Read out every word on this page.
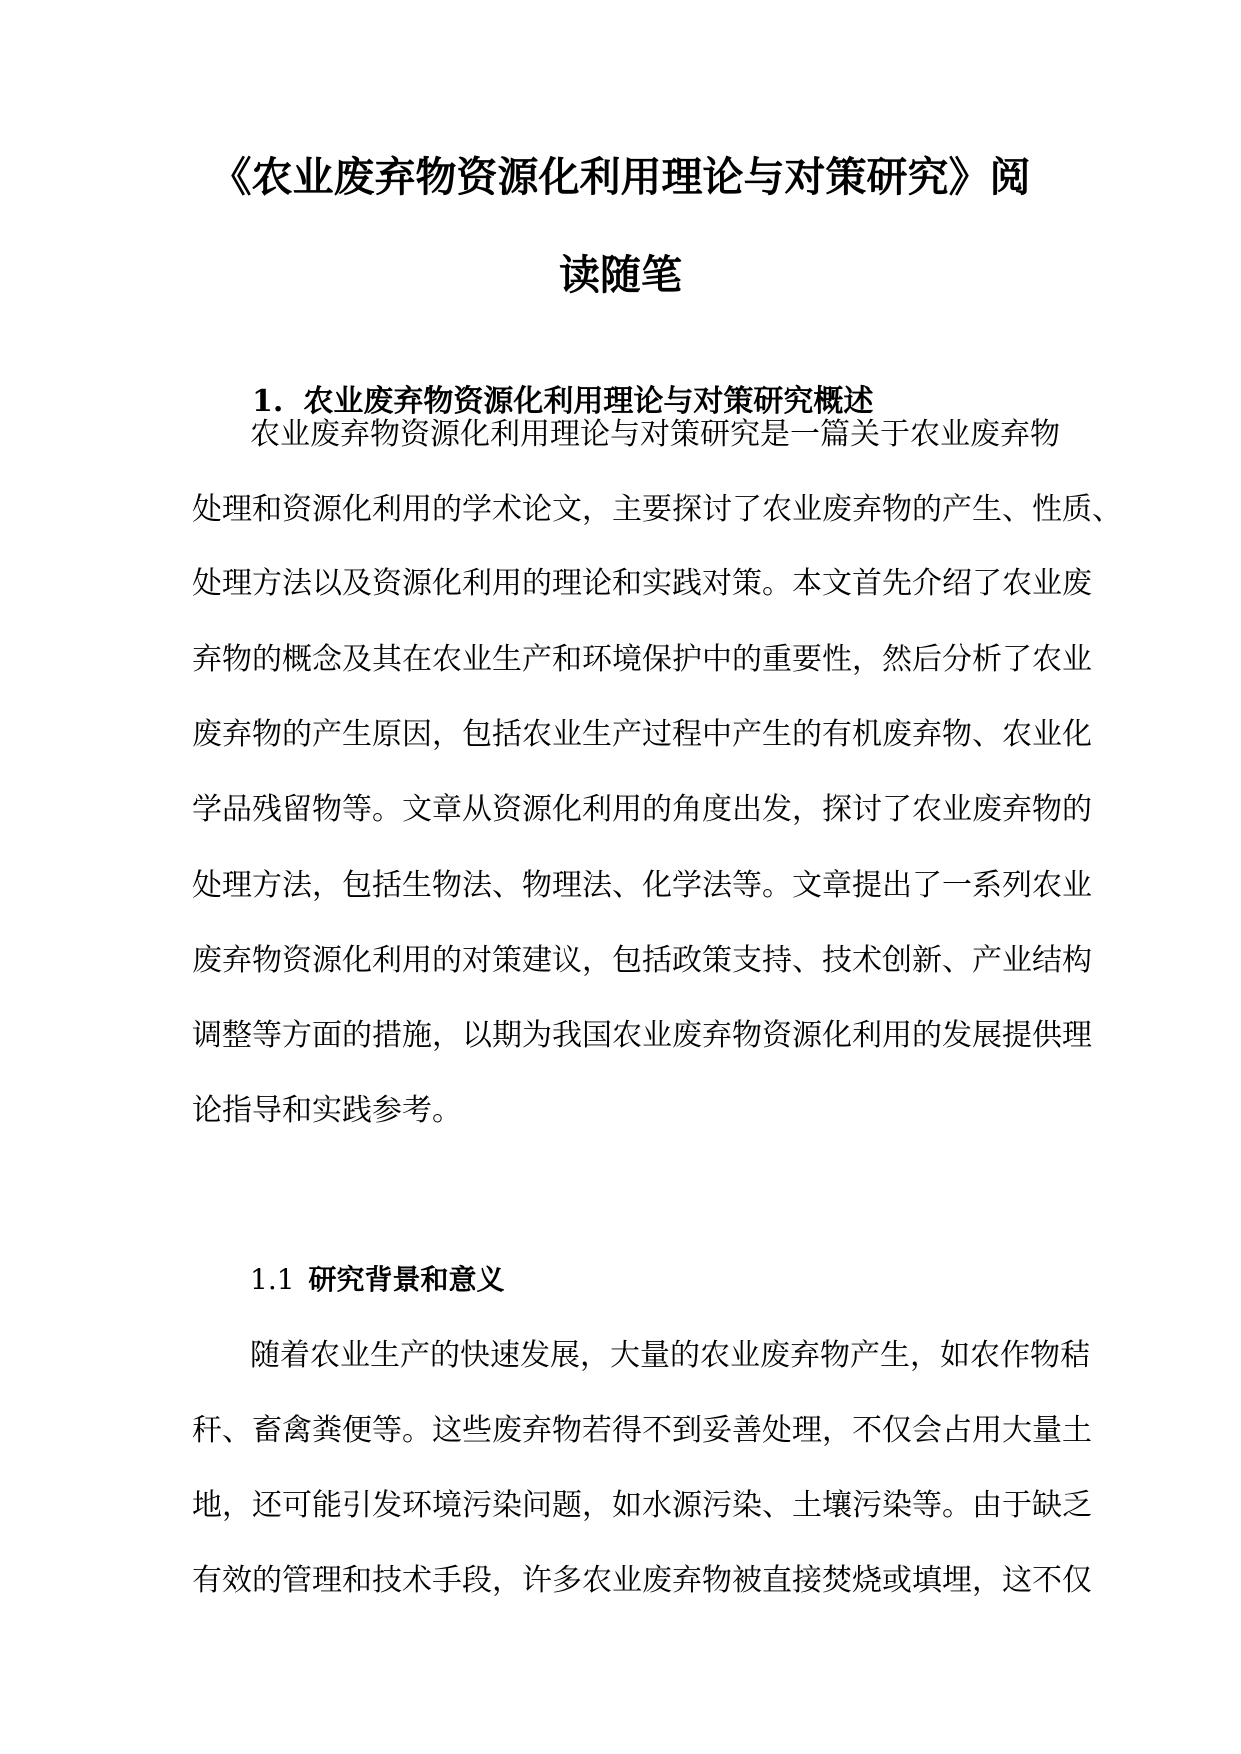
《农业废弃物资源化利用理论与对策研究》阅
读随笔
1. 农业废弃物资源化利用理论与对策研究概述
农业废弃物资源化利用理论与对策研究是一篇关于农业废弃物
处理和资源化利用的学术论文，主要探讨了农业废弃物的产生、性质、
处理方法以及资源化利用的理论和实践对策。本文首先介绍了农业废
弃物的概念及其在农业生产和环境保护中的重要性，然后分析了农业
废弃物的产生原因，包括农业生产过程中产生的有机废弃物、农业化
学品残留物等。文章从资源化利用的角度出发，探讨了农业废弃物的
处理方法，包括生物法、物理法、化学法等。文章提出了一系列农业
废弃物资源化利用的对策建议，包括政策支持、技术创新、产业结构
调整等方面的措施，以期为我国农业废弃物资源化利用的发展提供理
论指导和实践参考。
1.1 研究背景和意义
随着农业生产的快速发展，大量的农业废弃物产生，如农作物秸
秆、畜禽粪便等。这些废弃物若得不到妥善处理，不仅会占用大量土
地，还可能引发环境污染问题，如水源污染、土壤污染等。由于缺乏
有效的管理和技术手段，许多农业废弃物被直接焚烧或填埋，这不仅
